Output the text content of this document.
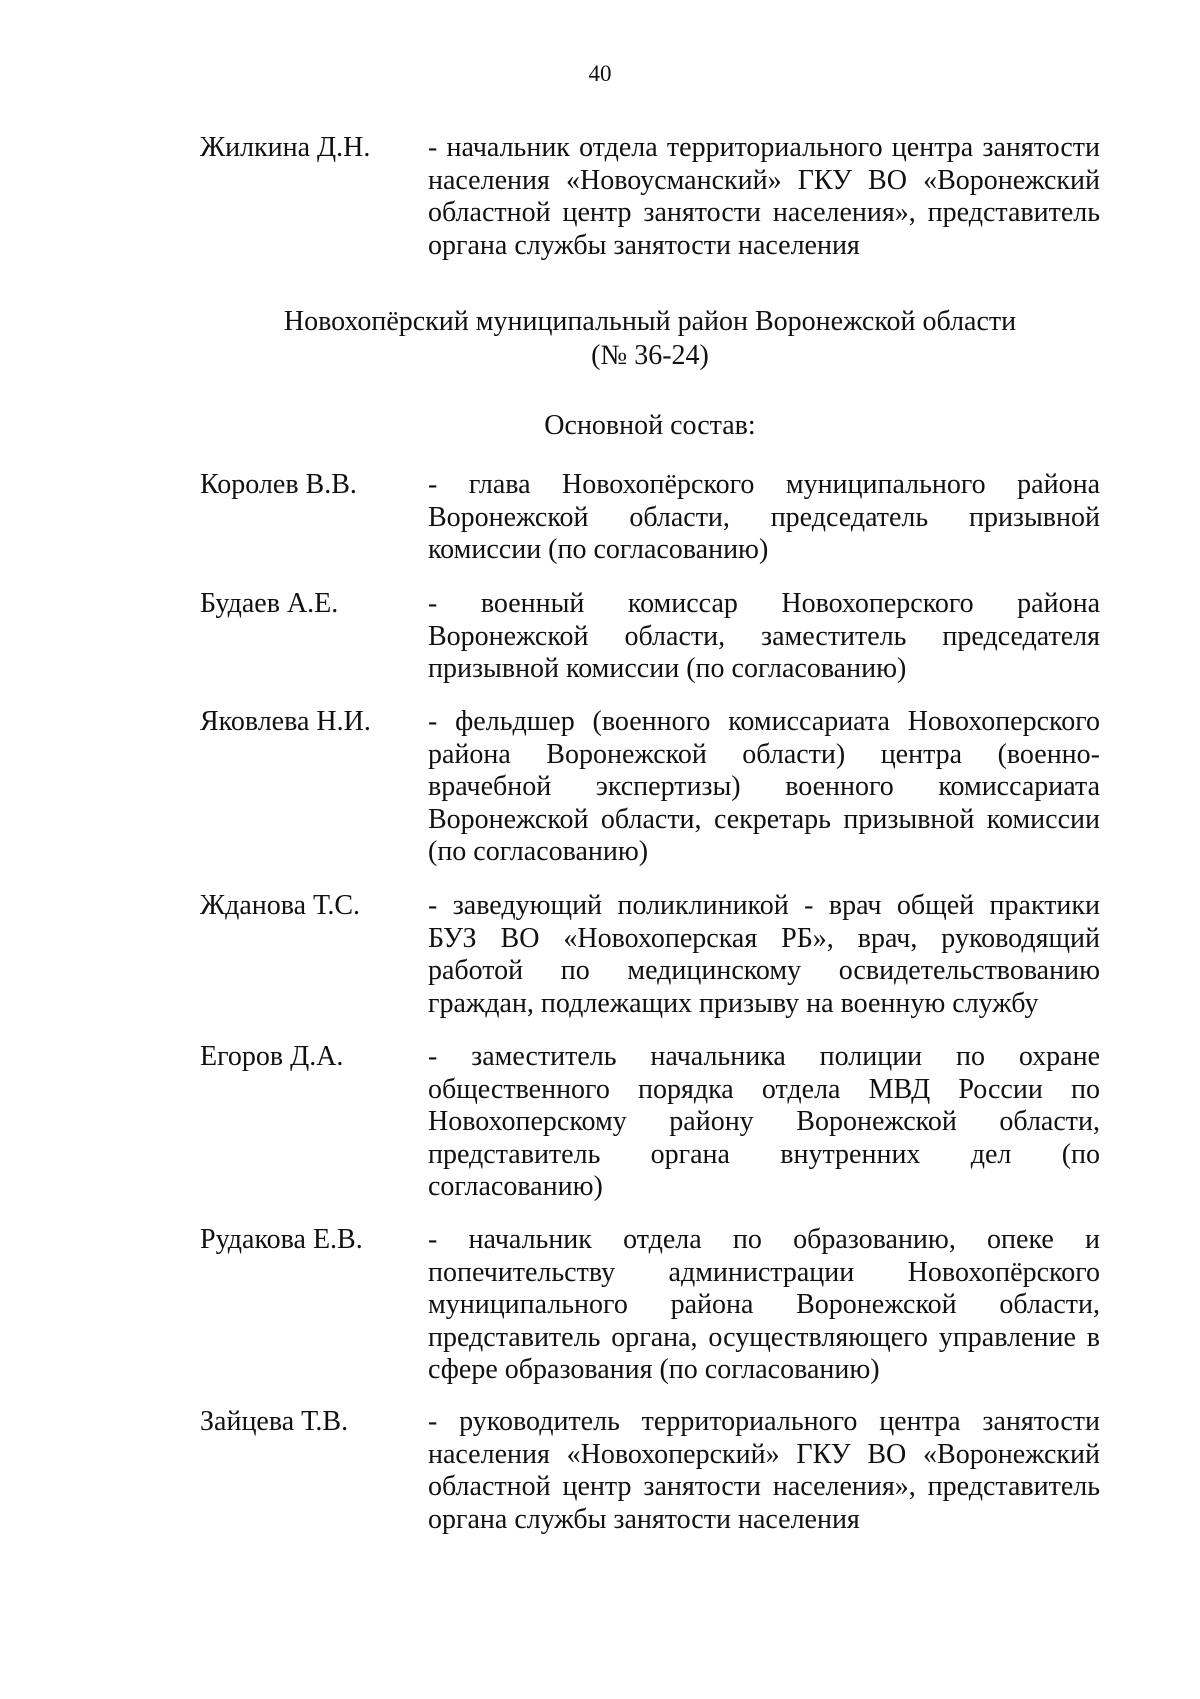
40
Жилкина Д.Н.	- начальник отдела территориального центра занятости населения «Новоусманский» ГКУ ВО «Воронежский областной центр занятости населения», представитель органа службы занятости населения
Новохопёрский муниципальный район Воронежской области
(№ 36-24)
Основной состав:
Королев В.В.	- глава Новохопёрского муниципального района Воронежской области, председатель призывной комиссии (по согласованию)
Будаев А.Е.	- военный комиссар Новохоперского района Воронежской области, заместитель председателя призывной комиссии (по согласованию)
Яковлева Н.И.	- фельдшер (военного комиссариата Новохоперского района Воронежской области) центра (военно-врачебной экспертизы) военного комиссариата Воронежской области, секретарь призывной комиссии (по согласованию)
Жданова Т.С.	- заведующий поликлиникой - врач общей практики БУЗ ВО «Новохоперская РБ», врач, руководящий работой по медицинскому освидетельствованию граждан, подлежащих призыву на военную службу
Егоров Д.А.	- заместитель начальника полиции по охране общественного порядка отдела МВД России по Новохоперскому району Воронежской области, представитель органа внутренних дел (по согласованию)
Рудакова Е.В.	- начальник отдела по образованию, опеке и попечительству администрации Новохопёрского муниципального района Воронежской области, представитель органа, осуществляющего управление в сфере образования (по согласованию)
Зайцева Т.В.	- руководитель территориального центра занятости населения «Новохоперский» ГКУ ВО «Воронежский областной центр занятости населения», представитель органа службы занятости населения
